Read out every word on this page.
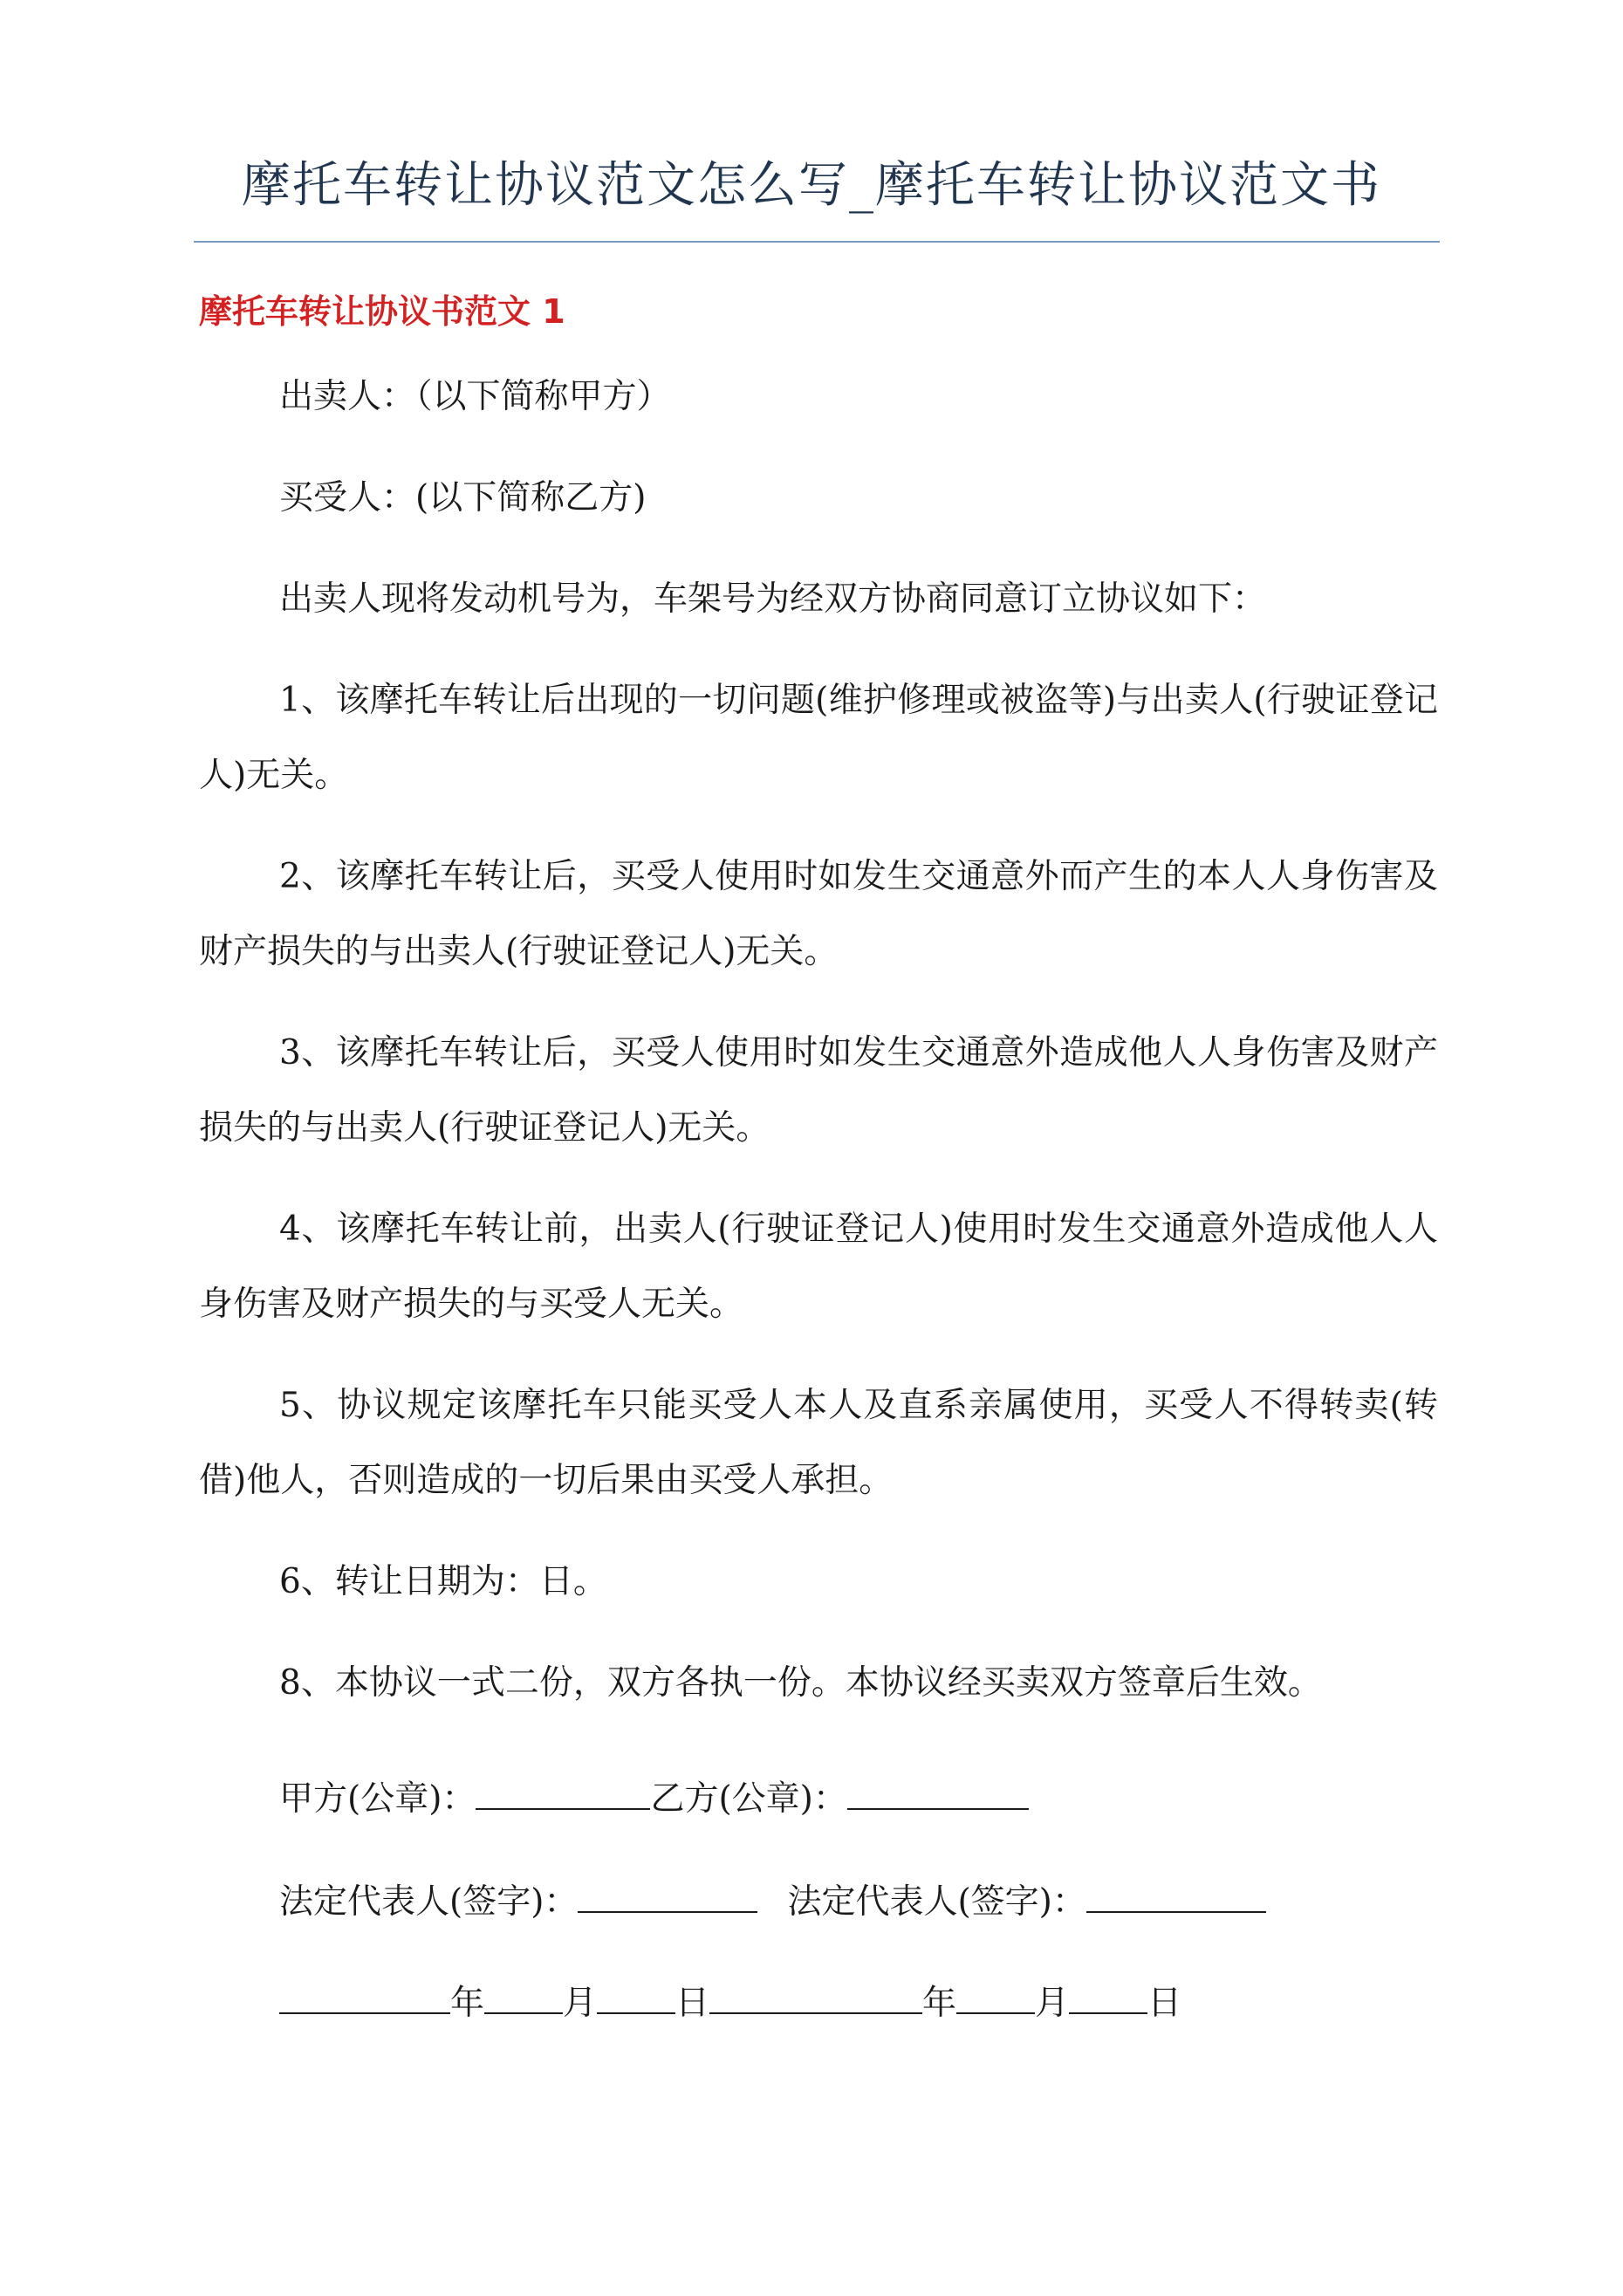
摩托车转让协议范文怎么写_摩托车转让协议范文书
摩托车转让协议书范文 1

出卖人：（以下简称甲方）

买受人：(以下简称乙方)

出卖人现将发动机号为，车架号为经双方协商同意订立协议如下：

1、该摩托车转让后出现的一切问题(维护修理或被盗等)与出卖人(行驶证登记人)无关。

2、该摩托车转让后，买受人使用时如发生交通意外而产生的本人人身伤害及财产损失的与出卖人(行驶证登记人)无关。

3、该摩托车转让后，买受人使用时如发生交通意外造成他人人身伤害及财产损失的与出卖人(行驶证登记人)无关。

4、该摩托车转让前，出卖人(行驶证登记人)使用时发生交通意外造成他人人身伤害及财产损失的与买受人无关。

5、协议规定该摩托车只能买受人本人及直系亲属使用，买受人不得转卖(转借)他人，否则造成的一切后果由买受人承担。

6、转让日期为：日。

8、本协议一式二份，双方各执一份。本协议经买卖双方签章后生效。

甲方(公章)：	乙方(公章)：
法定代表人(签字)：	法定代表人(签字)：
年 月 日	年 月 日
